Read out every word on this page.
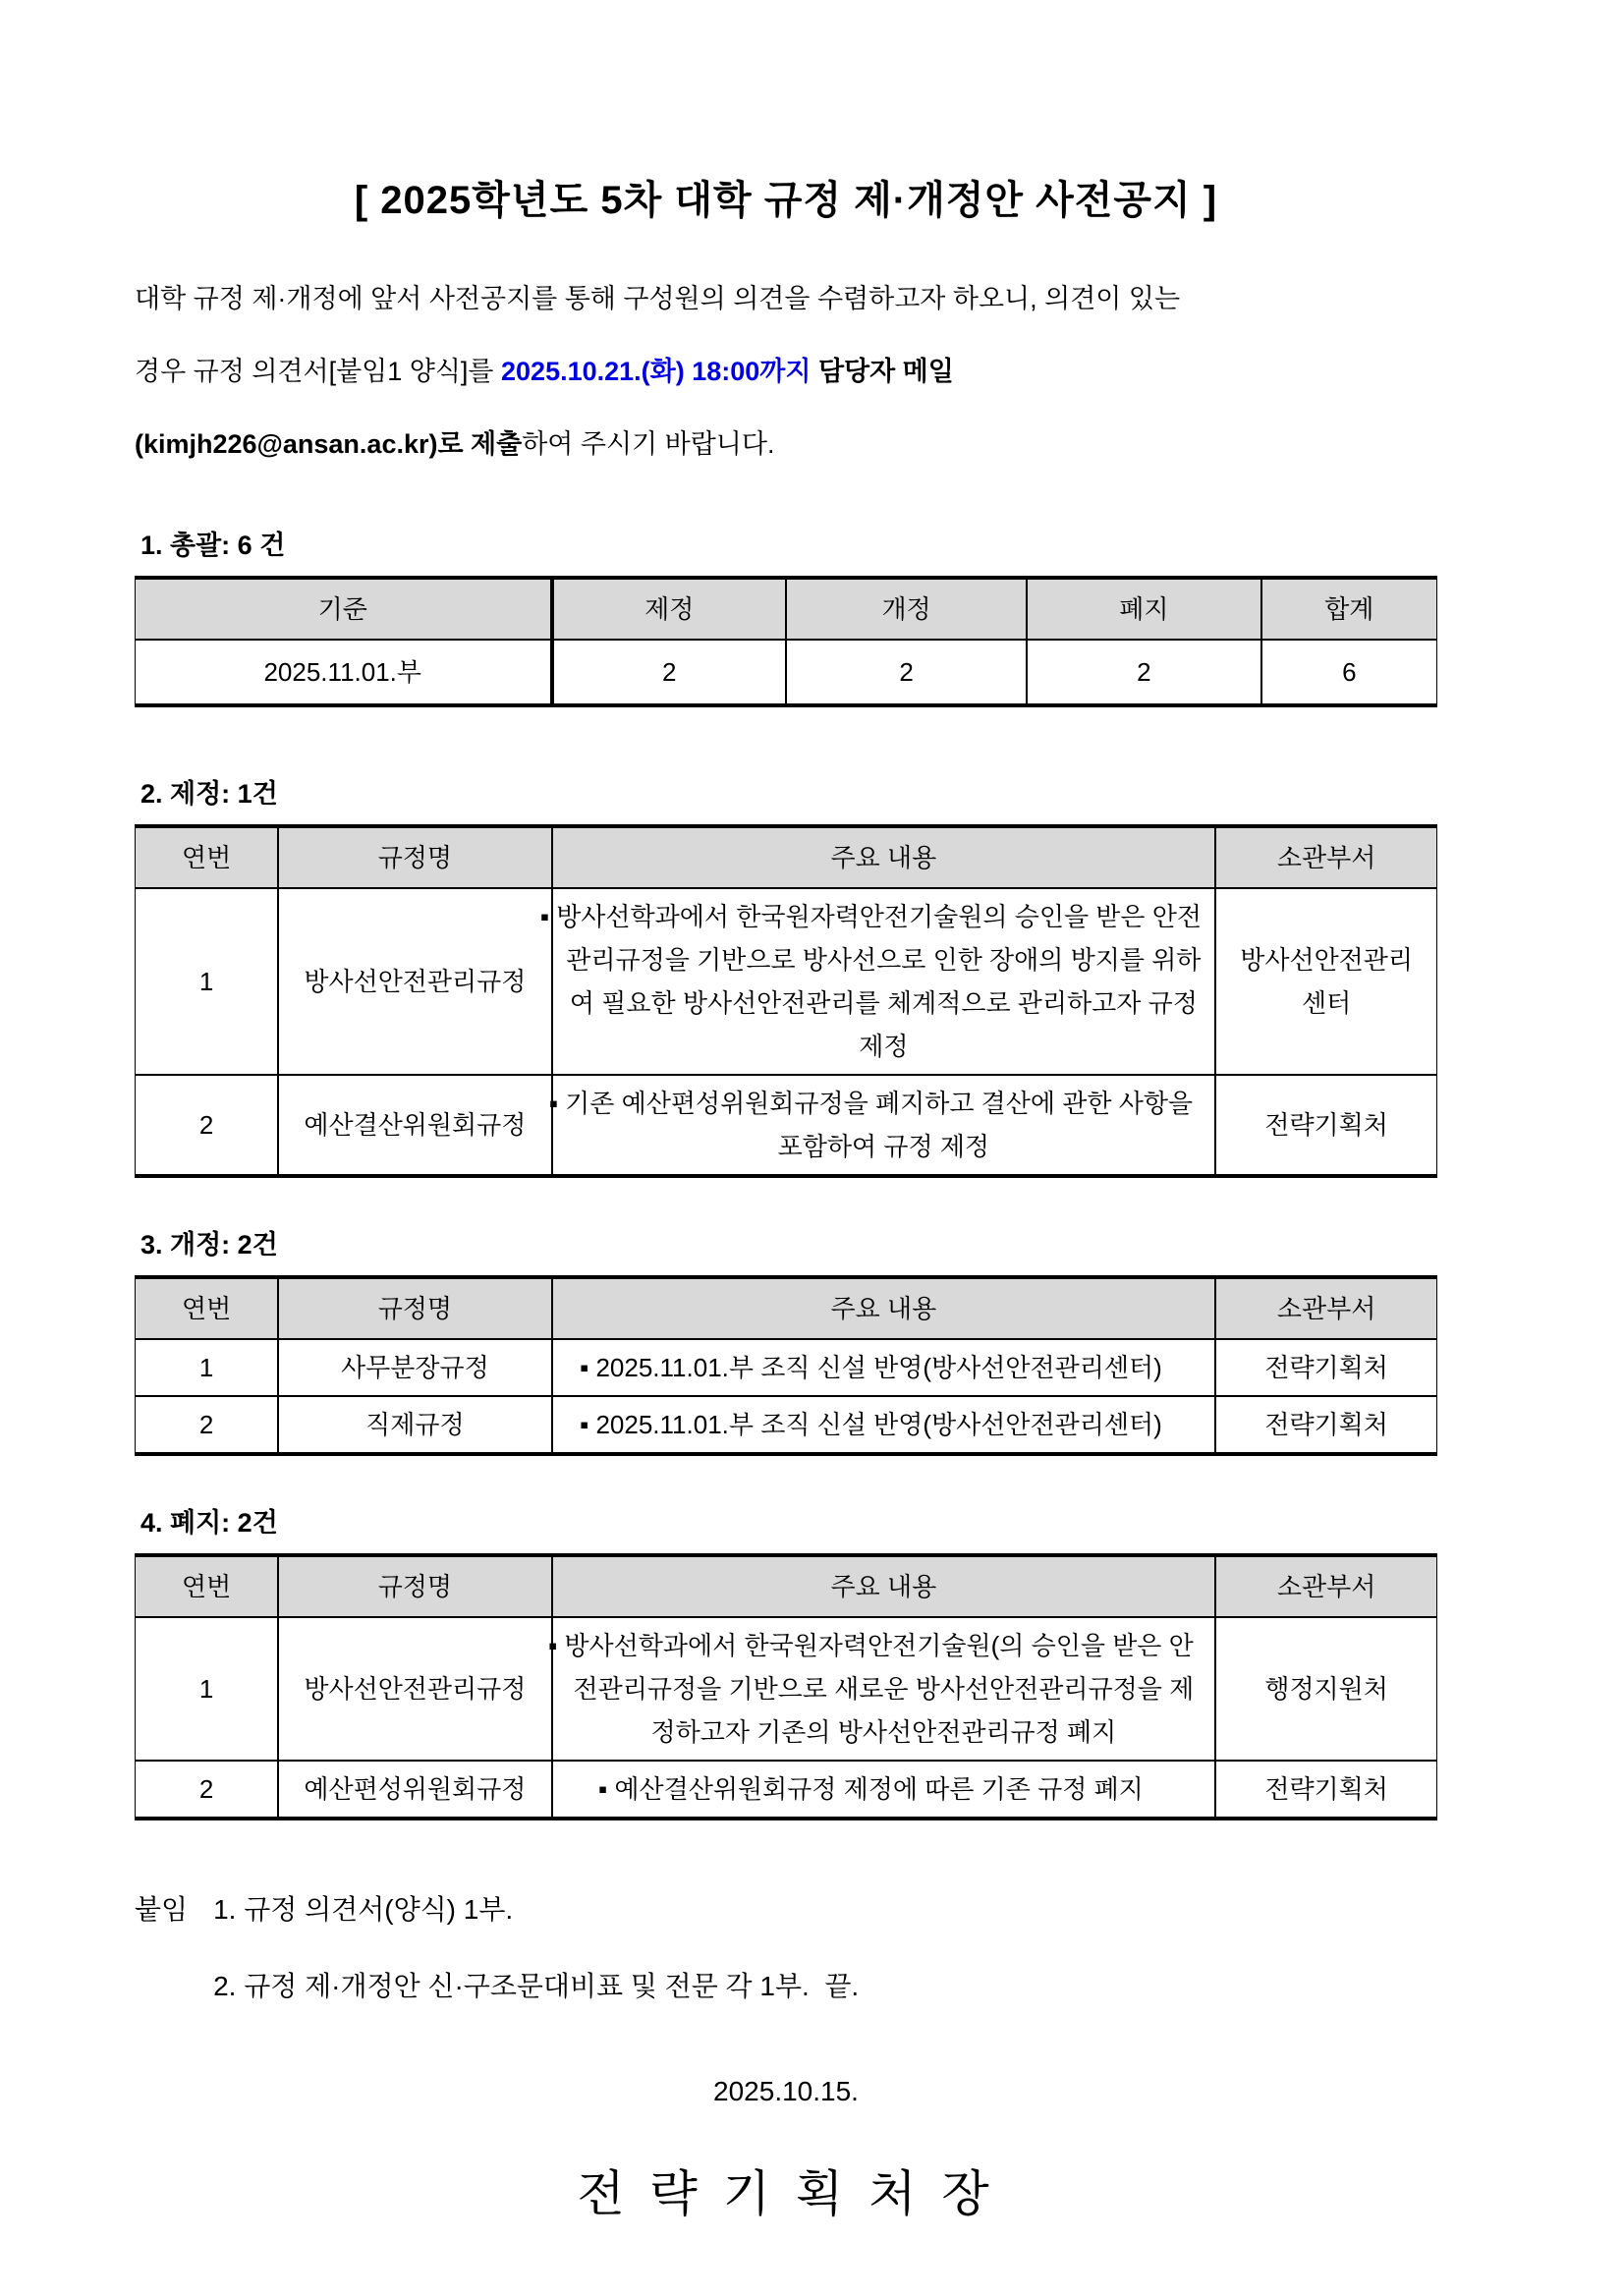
[ 2025학년도 5차 대학 규정 제·개정안 사전공지 ]
대학 규정 제·개정에 앞서 사전공지를 통해 구성원의 의견을 수렴하고자 하오니, 의견이 있는
경우 규정 의견서[붙임1 양식]를 2025.10.21.(화) 18:00까지 담당자 메일
(kimjh226@ansan.ac.kr)로 제출하여 주시기 바랍니다.
1. 총괄: 6 건
기준	제정	개정	폐지	합계
2025.11.01.부	2	2	2	6
2. 제정: 1건
연번	규정명	주요 내용	소관부서
1	방사선안전관리규정	▪ 방사선학과에서 한국원자력안전기술원의 승인을 받은 안전관리규정을 기반으로 방사선으로 인한 장애의 방지를 위하여 필요한 방사선안전관리를 체계적으로 관리하고자 규정 제정	방사선안전관리 센터
2	예산결산위원회규정	▪ 기존 예산편성위원회규정을 폐지하고 결산에 관한 사항을 포함하여 규정 제정	전략기획처
3. 개정: 2건
연번	규정명	주요 내용	소관부서
1	사무분장규정	▪ 2025.11.01.부 조직 신설 반영(방사선안전관리센터)	전략기획처
2	직제규정	▪ 2025.11.01.부 조직 신설 반영(방사선안전관리센터)	전략기획처
4. 폐지: 2건
연번	규정명	주요 내용	소관부서
1	방사선안전관리규정	▪ 방사선학과에서 한국원자력안전기술원(의 승인을 받은 안전관리규정을 기반으로 새로운 방사선안전관리규정을 제정하고자 기존의 방사선안전관리규정 폐지	행정지원처
2	예산편성위원회규정	▪ 예산결산위원회규정 제정에 따른 기존 규정 폐지	전략기획처
붙임 1. 규정 의견서(양식) 1부.
2. 규정 제·개정안 신·구조문대비표 및 전문 각 1부.  끝.
2025.10.15.
전 략 기 획 처 장
